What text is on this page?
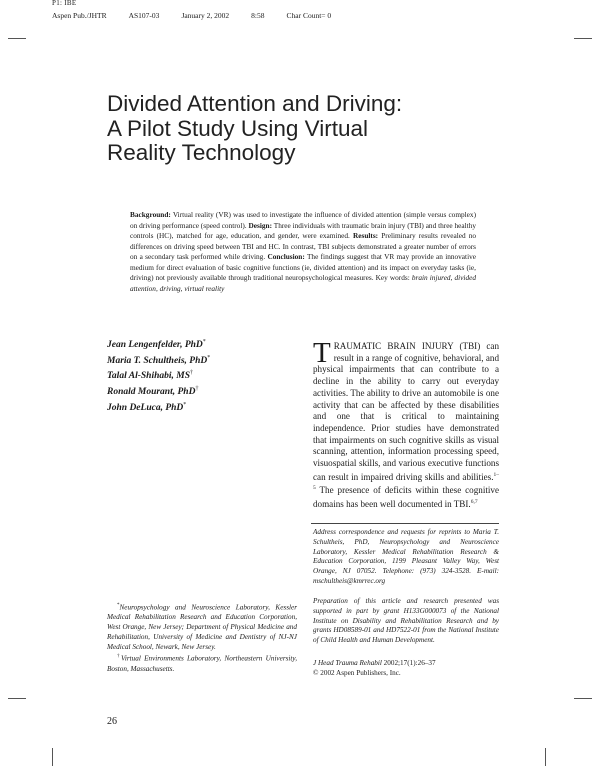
P1: IBE
Aspen Pub./JHTR	AS107-03	January 2, 2002	8:58	Char Count= 0
Divided Attention and Driving:
A Pilot Study Using Virtual
Reality Technology
Background: Virtual reality (VR) was used to investigate the influence of divided attention (simple versus complex) on driving performance (speed control). Design: Three individuals with traumatic brain injury (TBI) and three healthy controls (HC), matched for age, education, and gender, were examined. Results: Preliminary results revealed no differences on driving speed between TBI and HC. In contrast, TBI subjects demonstrated a greater number of errors on a secondary task performed while driving. Conclusion: The findings suggest that VR may provide an innovative medium for direct evaluation of basic cognitive functions (ie, divided attention) and its impact on everyday tasks (ie, driving) not previously available through traditional neuropsychological measures. Key words: brain injured, divided attention, driving, virtual reality
Jean Lengenfelder, PhD*
Maria T. Schultheis, PhD*
Talal Al-Shihabi, MS†
Ronald Mourant, PhD†
John DeLuca, PhD*
TRAUMATIC BRAIN INJURY (TBI) can result in a range of cognitive, behavioral, and physical impairments that can contribute to a decline in the ability to carry out everyday activities. The ability to drive an automobile is one activity that can be affected by these disabilities and one that is critical to maintaining independence. Prior studies have demonstrated that impairments on such cognitive skills as visual scanning, attention, information processing speed, visuospatial skills, and various executive functions can result in impaired driving skills and abilities.$^{1-5}$ The presence of deficits within these cognitive domains has been well documented in TBI.$^{6,7}$
Address correspondence and requests for reprints to Maria T. Schultheis, PhD, Neuropsychology and Neuroscience Laboratory, Kessler Medical Rehabilitation Research & Education Corporation, 1199 Pleasant Valley Way, West Orange, NJ 07052. Telephone: (973) 324-3528. E-mail: mschultheis@kmrrec.org
Preparation of this article and research presented was supported in part by grant H133G000073 of the National Institute on Disability and Rehabilitation Research and by grants HD08589-01 and HD7522-01 from the National Institute of Child Health and Human Development.
J Head Trauma Rehabil 2002;17(1):26–37
© 2002 Aspen Publishers, Inc.
*Neuropsychology and Neuroscience Laboratory, Kessler Medical Rehabilitation Research and Education Corporation, West Orange, New Jersey; Department of Physical Medicine and Rehabilitation, University of Medicine and Dentistry of NJ-NJ Medical School, Newark, New Jersey.
†Virtual Environments Laboratory, Northeastern University, Boston, Massachusetts.
26
